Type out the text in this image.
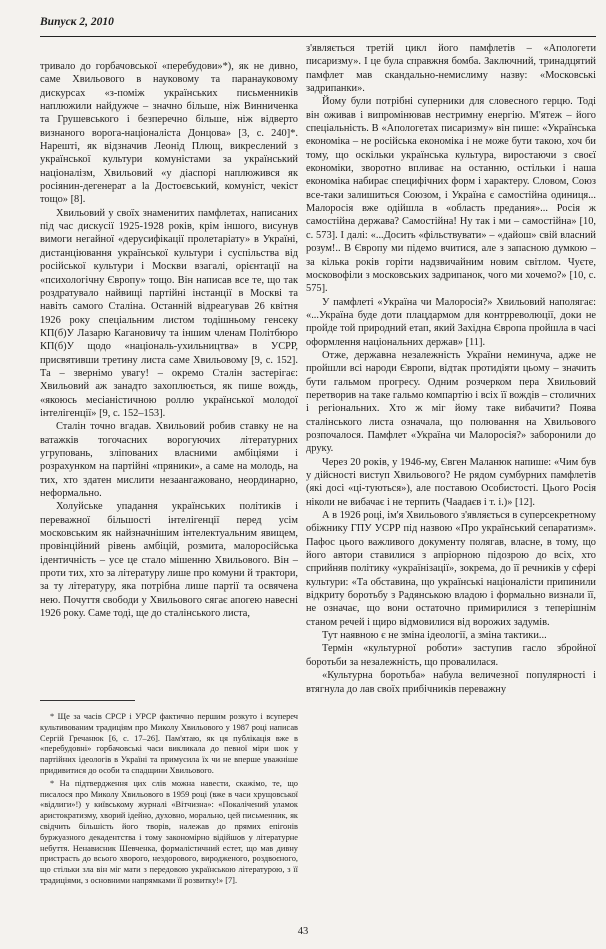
Випуск 2, 2010

тривало до горбачовської «перебудови»*), як не дивно, саме Хвильового в науковому та паранауковому дискурсах «з-поміж українських письменників наплюжили найдужче – значно більше, ніж Винниченка та Грушевського і безперечно більше, ніж відверто визнаного ворога-націоналіста Донцова» [3, с. 240]*. Нарешті, як відзначив Леонід Плющ, викреслений з української культури комуністами за український націоналізм, Хвильовий «у діаспорі наплюжився як росіянин-дегенерат а la Достоєвський, комуніст, чекіст тощо» [8].

Хвильовий у своїх знаменитих памфлетах, написаних під час дискусії 1925-1928 років, крім іншого, висунув вимоги негайної «дерусифікації пролетаріату» в Україні, дистанціювання української культури і суспільства від російської культури і Москви взагалі, орієнтації на «психологічну Європу» тощо. Він написав все те, що так роздратувало найвищі партійні інстанції в Москві та навіть самого Сталіна. Останній відреагував 26 квітня 1926 року спеціальним листом тодішньому генсеку КП(б)У Лазарю Кагановичу та іншим членам Політбюро КП(б)У щодо «національ-ухильництва» в УСРР, присвятивши третину листа саме Хвильовому [9, с. 152]. Та – звернімо увагу! – окремо Сталін застерігає: Хвильовий аж занадто захоплюється, як пише вождь, «якоюсь месіаністичною роллю української молодої інтелігенції» [9, с. 152–153].

Сталін точно вгадав. Хвильовий робив ставку не на ватажків тогочасних ворогуючих літературних угруповань, зліпованих власними амбіціями і розрахунком на партійні «пряники», а саме на молодь, на тих, хто здатен мислити незаангажовано, неординарно, неформально.

Холуйське упадання українських політиків і переважної більшості інтелігенції перед усім московським як найзначнішим інтелектуальним явищем, провінційний рівень амбіцій, розмита, малоросійська ідентичність – усе це стало мішенню Хвильового. Він – проти тих, хто за літературу лише про комуни й трактори, за ту літературу, яка потрібна лише партії та освячена нею. Почуття свободи у Хвильового сягає апогею навесні 1926 року. Саме тоді, ще до сталінського листа,

* Ще за часів СРСР і УРСР фактично першим розкуто і всупереч культивованим традиціям про Миколу Хвильового у 1987 році написав Сергій Гречанюк [6, с. 17–26]. Пам'ятаю, як ця публікація вже в «перебудовні» горбачовські часи викликала до певної міри шок у партійних ідеологів в Україні та примусила їх чи не вперше уважніше придивитися до особи та спадщини Хвильового.

* На підтвердження цих слів можна навести, скажімо, те, що писалося про Миколу Хвильового в 1959 році (вже в часи хрущовської «відлиги»!) у київському журналі «Вітчизна»: «Покалічений уламок аристократизму, хворий ідейно, духовно, морально, цей письменник, як свідчить більшість його творів, належав до прямих епігонів буржуазного декадентства і тому закономірно відійшов у літературне небуття. Ненависник Шевченка, формалістичний естет, що мав дивну пристрасть до всього хворого, нездорового, виродженого, роздвоєного, що стільки зла він міг мати з передовою українською літературою, з її традиціями, з основними напрямками її розвитку!» [7].

з'являється третій цикл його памфлетів – «Апологети писаризму». І це була справжня бомба. Заключний, тринадцятий памфлет мав скандально-немислиму назву: «Московські задрипанки».

Йому були потрібні суперники для словесного герцю. Тоді він оживав і випромінював нестримну енергію. М'ятеж – його спеціальність. В «Апологетах писаризму» він пише: «Українська економіка – не російська економіка і не може бути такою, хоч би тому, що оскільки українська культура, виростаючи з своєї економіки, зворотно впливає на останню, остільки і наша економіка набирає специфічних форм і характеру. Словом, Союз все-таки залишиться Союзом, і Україна є самостійна одиниця... Малоросія вже одійшла в «область предания»... Росія ж самостійна держава? Самостійна! Ну так і ми – самостійна» [10, с. 573]. І далі: «...Досить «фільствувати» – «дайош» свій власний розум!.. В Європу ми підемо вчитися, але з запасною думкою – за кілька років горіти надзвичайним новим світлом. Чуєте, московофіли з московських задрипанок, чого ми хочемо?» [10, с. 575].

У памфлеті «Україна чи Малоросія?» Хвильовий наполягає: «...Україна буде доти плацдармом для контрреволюції, доки не пройде той природний етап, який Західна Європа пройшла в часі оформлення національних держав» [11].

Отже, державна незалежність України неминуча, адже не пройшли всі народи Європи, відтак протидіяти цьому – значить бути гальмом прогресу. Одним розчерком пера Хвильовий перетворив на таке гальмо компартію і всіх її вождів – столичних і регіональних. Хто ж міг йому таке вибачити? Поява сталінського листа означала, що полювання на Хвильового розпочалося. Памфлет «Україна чи Малоросія?» заборонили до друку.

Через 20 років, у 1946-му, Євген Маланюк напише: «Чим був у дійсності виступ Хвильового? Не рядом сумбурних памфлетів (які досі «ці-туються»), але поставою Особистості. Цього Росія ніколи не вибачає і не терпить (Чаадаєв і т. і.)» [12].

А в 1926 році, ім'я Хвильового з'являється в суперсекретному обіжнику ГПУ УСРР під назвою «Про український сепаратизм». Пафос цього важливого документу полягав, власне, в тому, що його автори ставилися з апріорною підозрою до всіх, хто сприйняв політику «українізації», зокрема, до її речників у сфері культури: «Та обставина, що українські націоналісти припинили відкриту боротьбу з Радянською владою і формально визнали її, не означає, що вони остаточно примирилися з теперішнім станом речей і щиро відмовилися від ворожих задумів.

Тут наявною є не зміна ідеології, а зміна тактики...

Термін «культурної роботи» заступив гасло збройної боротьби за незалежність, що провалилася.

«Культурна боротьба» набула величезної популярності і втягнула до лав своїх прибічників переважну

43
